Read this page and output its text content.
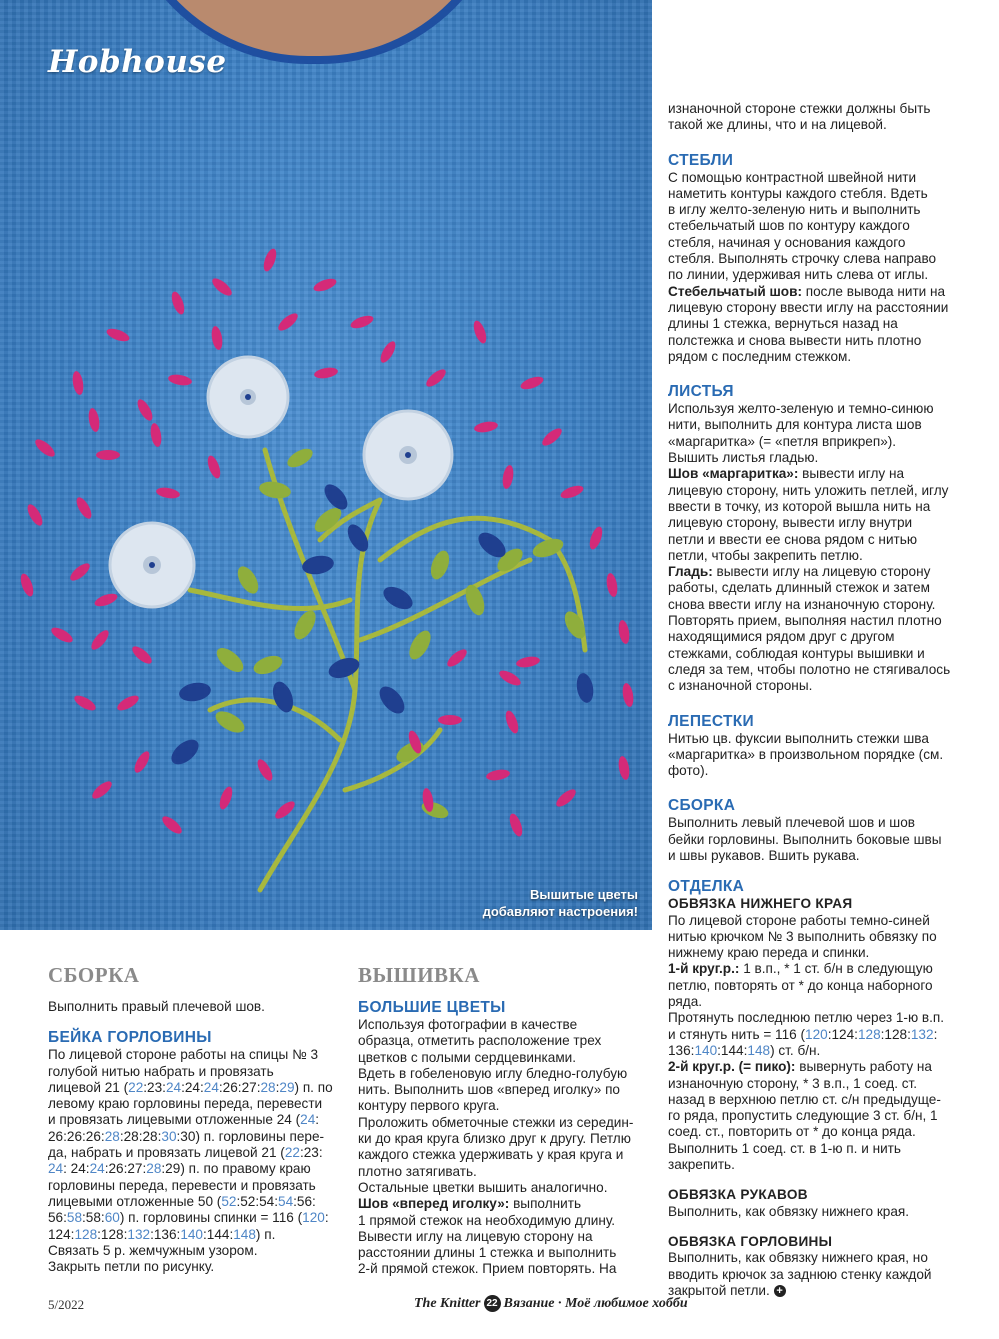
Hobhouse
Вышитые цветы
добавляют настроения!

изнаночной стороне стежки должны быть

такой же длины, что и на лицевой.

СТЕБЛИ

С помощью контрастной швейной нити

наметить контуры каждого стебля. Вдеть

в иглу желто-зеленую нить и выполнить

стебельчатый шов по контуру каждого

стебля, начиная у основания каждого

стебля. Выполнять строчку слева направо

по линии, удерживая нить слева от иглы.

Стебельчатый шов: после вывода нити на

лицевую сторону ввести иглу на расстоянии

длины 1 стежка, вернуться назад на

полстежка и снова вывести нить плотно

рядом с последним стежком.

ЛИСТЬЯ

Используя желто-зеленую и темно-синюю

нити, выполнить для контура листа шов

«маргаритка» (= «петля вприкреп»).

Вышить листья гладью.

Шов «маргаритка»: вывести иглу на

лицевую сторону, нить уложить петлей, иглу

ввести в точку, из которой вышла нить на

лицевую сторону, вывести иглу внутри

петли и ввести ее снова рядом с нитью

петли, чтобы закрепить петлю.

Гладь: вывести иглу на лицевую сторону

работы, сделать длинный стежок и затем

снова ввести иглу на изнаночную сторону.

Повторять прием, выполняя настил плотно

находящимися рядом друг с другом

стежками, соблюдая контуры вышивки и

следя за тем, чтобы полотно не стягивалось

с изнаночной стороны.

ЛЕПЕСТКИ

Нитью цв. фуксии выполнить стежки шва

«маргаритка» в произвольном порядке (см.

фото).

СБОРКА

Выполнить левый плечевой шов и шов

бейки горловины. Выполнить боковые швы

и швы рукавов. Вшить рукава.

ОТДЕЛКА
ОБВЯЗКА НИЖНЕГО КРАЯ

По лицевой стороне работы темно-синей

нитью крючком № 3 выполнить обвязку по

нижнему краю переда и спинки.

1-й круг.р.: 1 в.п., * 1 ст. б/н в следующую

петлю, повторять от * до конца наборного ряда.

Протянуть последнюю петлю через 1-ю в.п.

и стянуть нить = 116 (120:124:128:128:132:

136:140:144:148) ст. б/н.

2-й круг.р. (= пико): вывернуть работу на

изнаночную сторону, * 3 в.п., 1 соед. ст.

назад в верхнюю петлю ст. с/н предыдуще-

го ряда, пропустить следующие 3 ст. б/н, 1

соед. ст., повторить от * до конца ряда.

Выполнить 1 соед. ст. в 1-ю п. и нить

закрепить.

ОБВЯЗКА РУКАВОВ

Выполнить, как обвязку нижнего края.

ОБВЯЗКА ГОРЛОВИНЫ

Выполнить, как обвязку нижнего края, но

вводить крючок за заднюю стенку каждой

закрытой петли. +

ВЫШИВКА
БОЛЬШИЕ ЦВЕТЫ

Используя фотографии в качестве

образца, отметить расположение трех

цветков с полыми сердцевинками.

Вдеть в гобеленовую иглу бледно-голубую

нить. Выполнить шов «вперед иголку» по

контуру первого круга.

Проложить обметочные стежки из середин-

ки до края круга близко друг к другу. Петлю

каждого стежка удерживать у края круга и

плотно затягивать.

Остальные цветки вышить аналогично.

Шов «вперед иголку»: выполнить

1 прямой стежок на необходимую длину.

Вывести иглу на лицевую сторону на

расстоянии длины 1 стежка и выполнить

2-й прямой стежок. Прием повторять. На

СБОРКА

Выполнить правый плечевой шов.

БЕЙКА ГОРЛОВИНЫ

По лицевой стороне работы на спицы № 3

голубой нитью набрать и провязать

лицевой 21 (22:23:24:24:24:26:27:28:29) п. по

левому краю горловины переда, перевести

и провязать лицевыми отложенные 24 (24:

26:26:26:28:28:28:30:30) п. горловины пере-

да, набрать и провязать лицевой 21 (22:23:

24: 24:24:26:27:28:29) п. по правому краю

горловины переда, перевести и провязать

лицевыми отложенные 50 (52:52:54:54:56:

56:58:58:60) п. горловины спинки = 116 (120:

124:128:128:132:136:140:144:148) п.

Связать 5 р. жемчужным узором.

Закрыть петли по рисунку.

5/2022	The Knitter 22 Вязание · Моё любимое хобби
